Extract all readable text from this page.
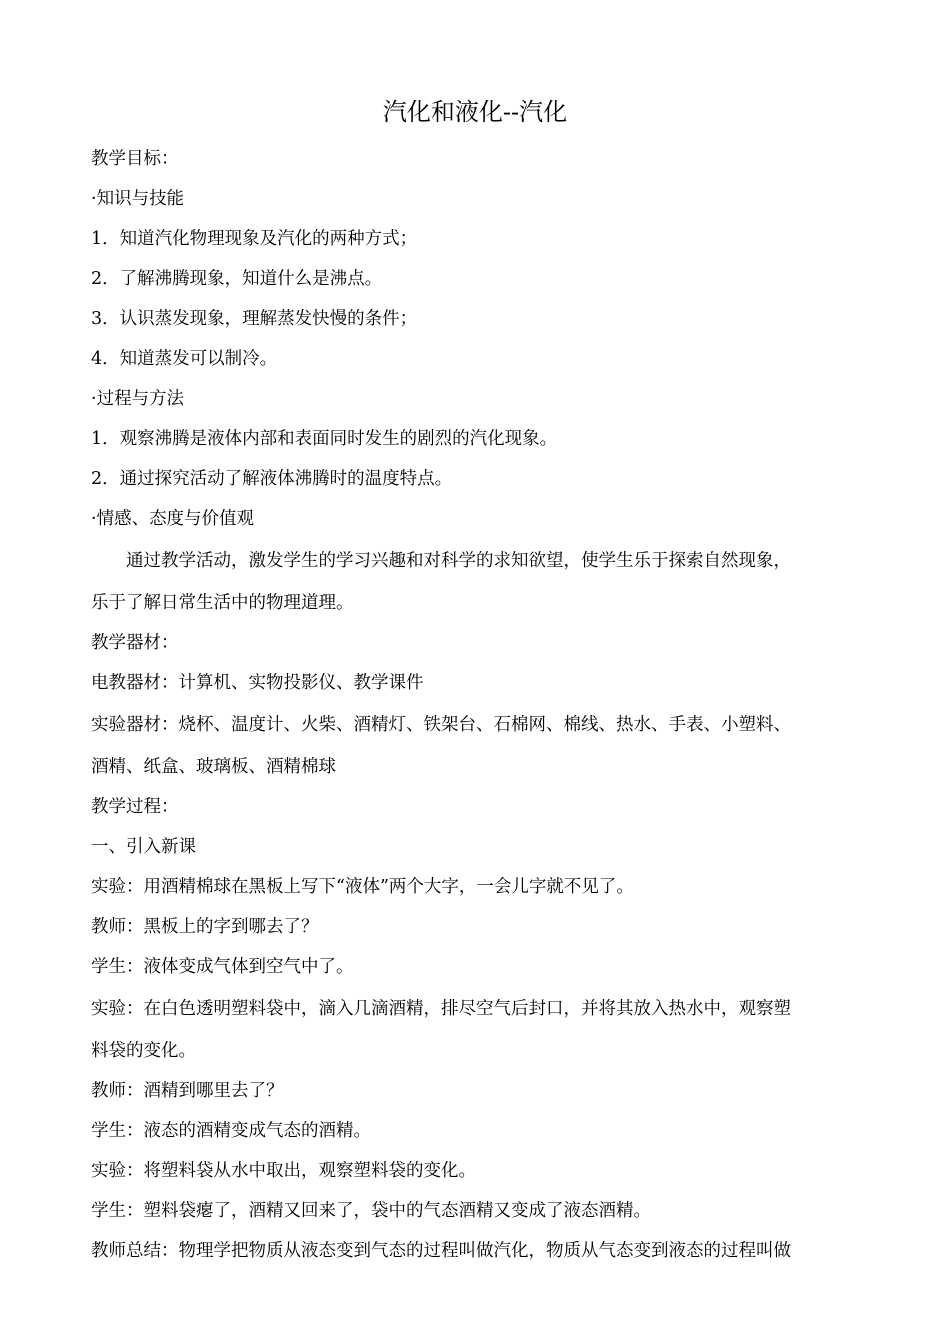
汽化和液化--汽化
教学目标：
·知识与技能
1．知道汽化物理现象及汽化的两种方式；
2．了解沸腾现象，知道什么是沸点。
3．认识蒸发现象，理解蒸发快慢的条件；
4．知道蒸发可以制冷。
·过程与方法
1．观察沸腾是液体内部和表面同时发生的剧烈的汽化现象。
2．通过探究活动了解液体沸腾时的温度特点。
·情感、态度与价值观
通过教学活动，激发学生的学习兴趣和对科学的求知欲望，使学生乐于探索自然现象，
乐于了解日常生活中的物理道理。
教学器材：
电教器材：计算机、实物投影仪、教学课件
实验器材：烧杯、温度计、火柴、酒精灯、铁架台、石棉网、棉线、热水、手表、小塑料、
酒精、纸盒、玻璃板、酒精棉球
教学过程：
一、引入新课
实验：用酒精棉球在黑板上写下“液体”两个大字，一会儿字就不见了。
教师：黑板上的字到哪去了？
学生：液体变成气体到空气中了。
实验：在白色透明塑料袋中，滴入几滴酒精，排尽空气后封口，并将其放入热水中，观察塑
料袋的变化。
教师：酒精到哪里去了？
学生：液态的酒精变成气态的酒精。
实验：将塑料袋从水中取出，观察塑料袋的变化。
学生：塑料袋瘪了，酒精又回来了，袋中的气态酒精又变成了液态酒精。
教师总结：物理学把物质从液态变到气态的过程叫做汽化，物质从气态变到液态的过程叫做
